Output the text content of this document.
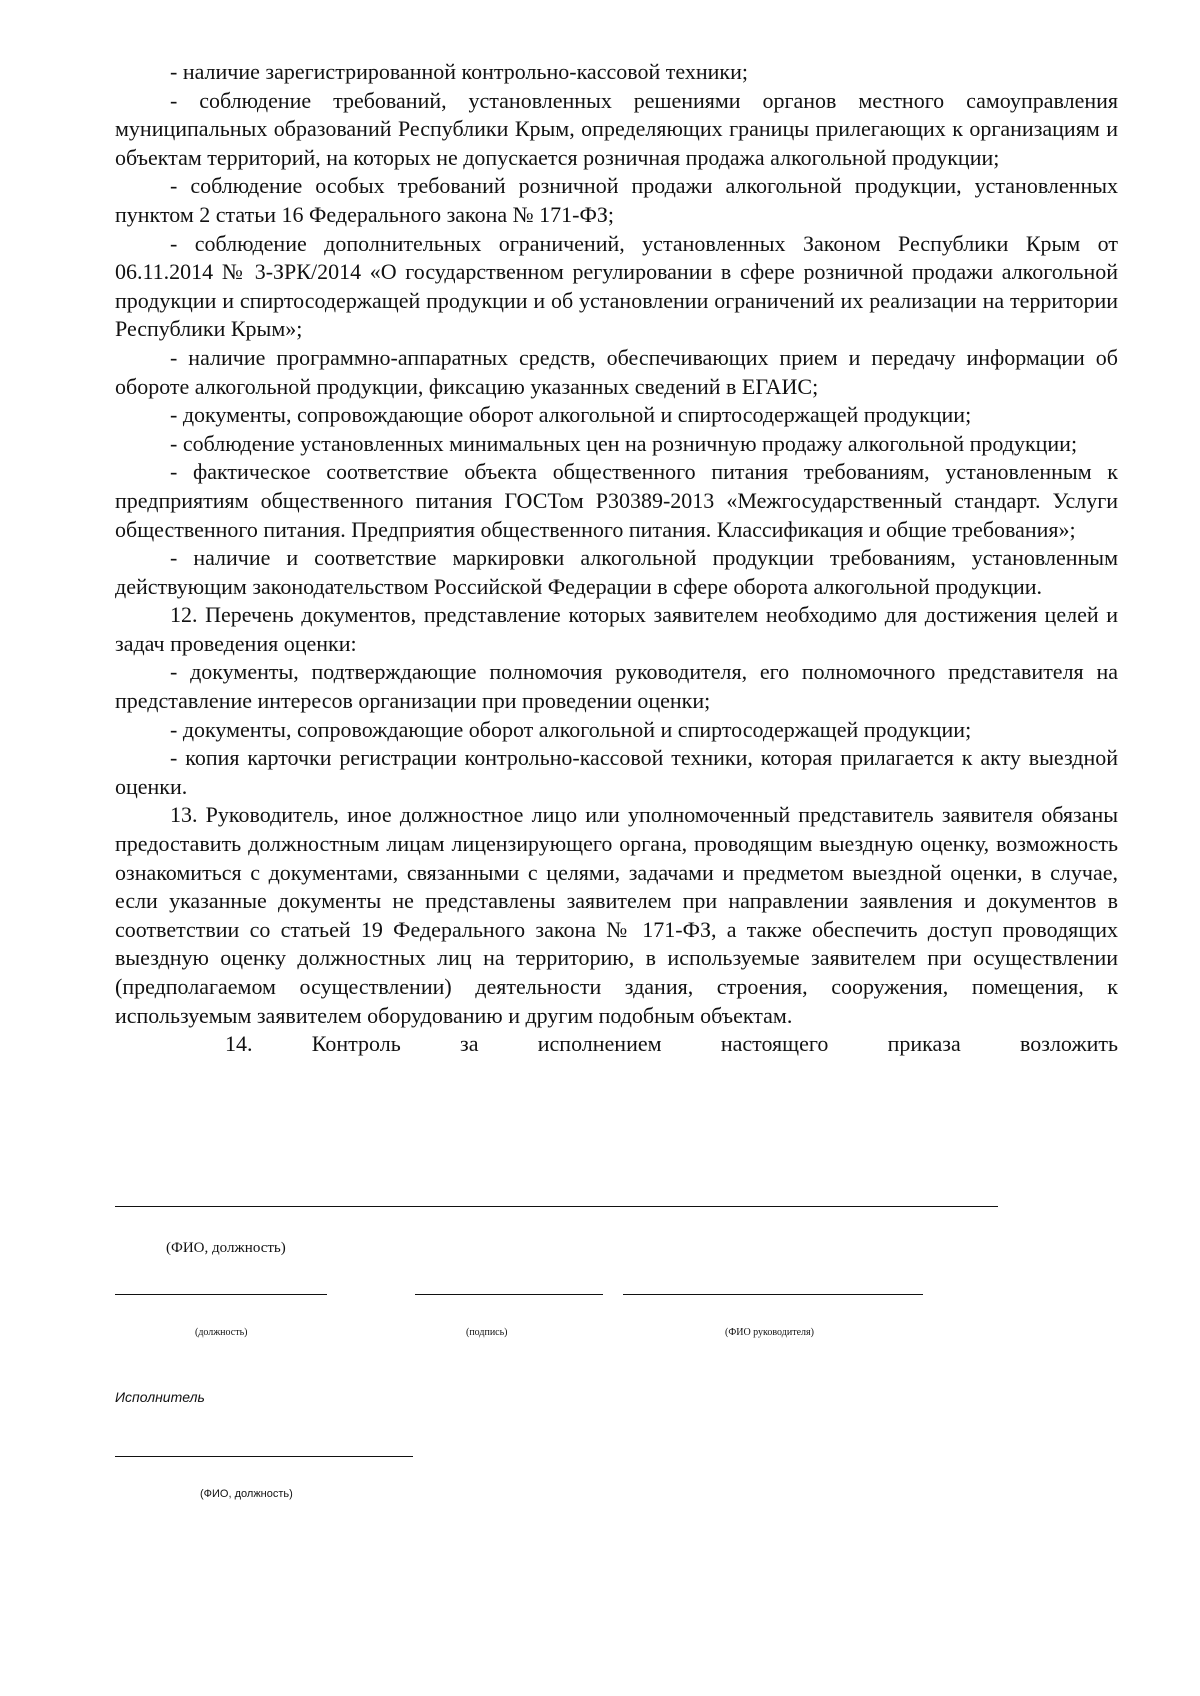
- наличие зарегистрированной контрольно-кассовой техники;

- соблюдение требований, установленных решениями органов местного самоуправления муниципальных образований Республики Крым, определяющих границы прилегающих к организациям и объектам территорий, на которых не допускается розничная продажа алкогольной продукции;

- соблюдение особых требований розничной продажи алкогольной продукции, установленных пунктом 2 статьи 16 Федерального закона № 171-ФЗ;

- соблюдение дополнительных ограничений, установленных Законом Республики Крым от 06.11.2014 № 3-ЗРК/2014 «О государственном регулировании в сфере розничной продажи алкогольной продукции и спиртосодержащей продукции и об установлении ограничений их реализации на территории Республики Крым»;

- наличие программно-аппаратных средств, обеспечивающих прием и передачу информации об обороте алкогольной продукции, фиксацию указанных сведений в ЕГАИС;

- документы, сопровождающие оборот алкогольной и спиртосодержащей продукции;

- соблюдение установленных минимальных цен на розничную продажу алкогольной продукции;

- фактическое соответствие объекта общественного питания требованиям, установленным к предприятиям общественного питания ГОСТом Р30389-2013 «Межгосударственный стандарт. Услуги общественного питания. Предприятия общественного питания. Классификация и общие требования»;

- наличие и соответствие маркировки алкогольной продукции требованиям, установленным действующим законодательством Российской Федерации в сфере оборота алкогольной продукции.

12. Перечень документов, представление которых заявителем необходимо для достижения целей и задач проведения оценки:

- документы, подтверждающие полномочия руководителя, его полномочного представителя на представление интересов организации при проведении оценки;

- документы, сопровождающие оборот алкогольной и спиртосодержащей продукции;

- копия карточки регистрации контрольно-кассовой техники, которая прилагается к акту выездной оценки.

13. Руководитель, иное должностное лицо или уполномоченный представитель заявителя обязаны предоставить должностным лицам лицензирующего органа, проводящим выездную оценку, возможность ознакомиться с документами, связанными с целями, задачами и предметом выездной оценки, в случае, если указанные документы не представлены заявителем при направлении заявления и документов в соответствии со статьей 19 Федерального закона № 171-ФЗ, а также обеспечить доступ проводящих выездную оценку должностных лиц на территорию, в используемые заявителем при осуществлении (предполагаемом осуществлении) деятельности здания, строения, сооружения, помещения, к используемым заявителем оборудованию и другим подобным объектам.

14. Контроль за исполнением настоящего приказа возложить

(ФИО, должность)
(должность)	(подпись)	(ФИО руководителя)
Исполнитель
(ФИО, должность)
